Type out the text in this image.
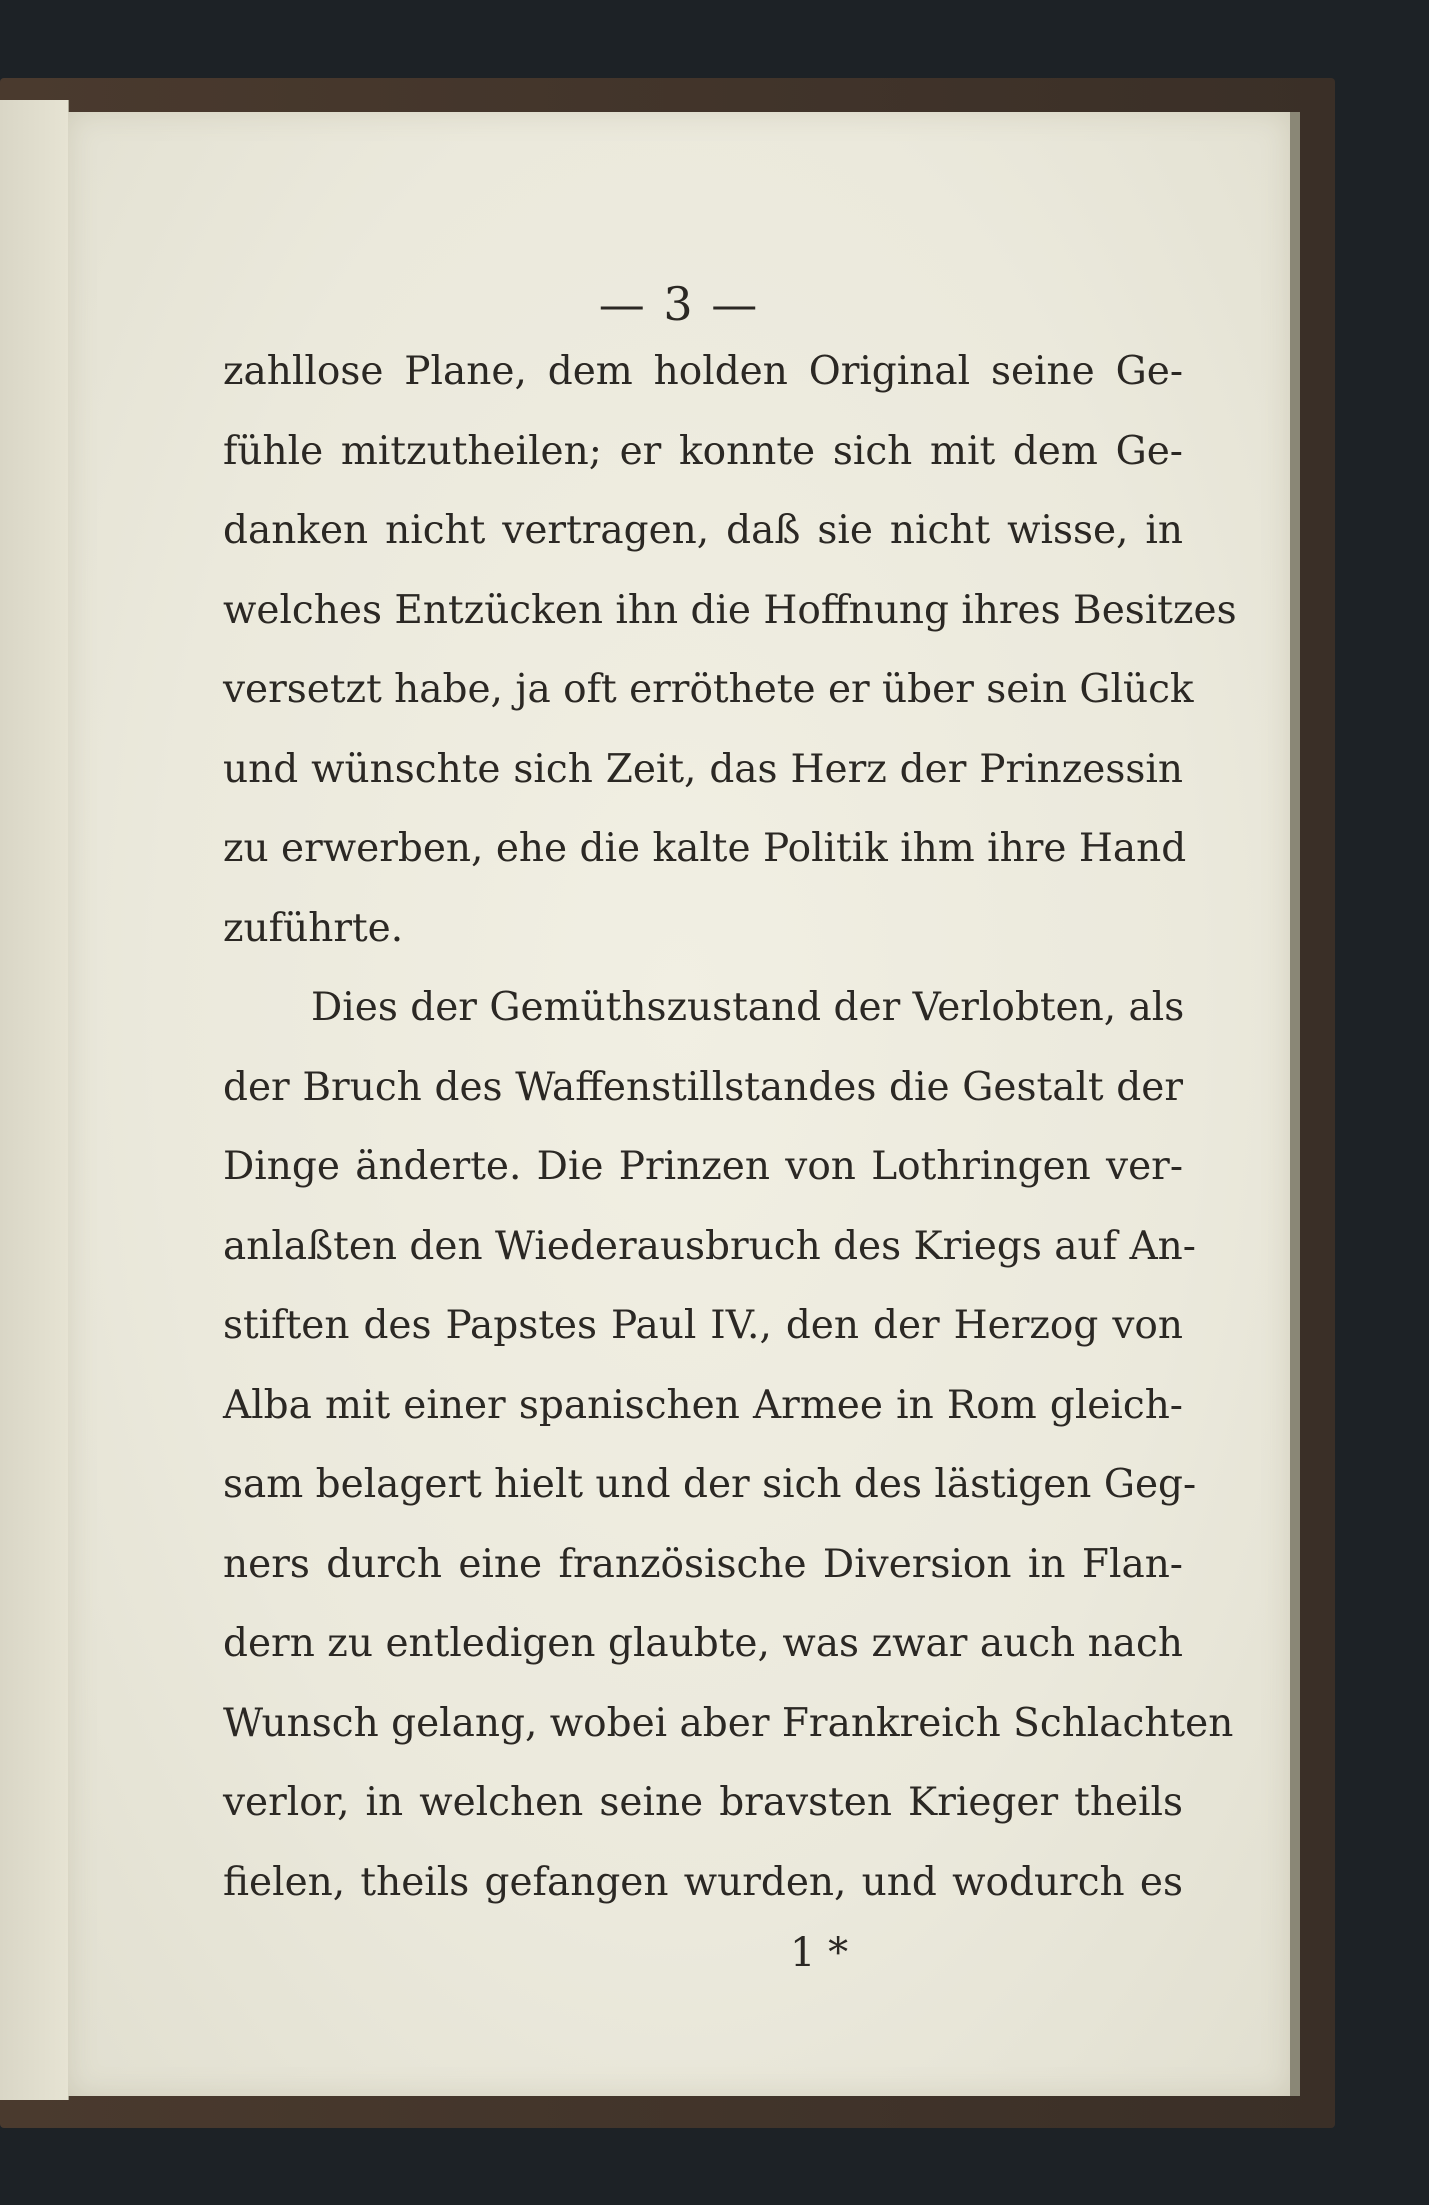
— 3 —
zahllose Plane, dem holden Original seine Ge-
fühle mitzutheilen; er konnte sich mit dem Ge-
danken nicht vertragen, daß sie nicht wisse, in
welches Entzücken ihn die Hoffnung ihres Besitzes
versetzt habe, ja oft erröthete er über sein Glück
und wünschte sich Zeit, das Herz der Prinzessin
zu erwerben, ehe die kalte Politik ihm ihre Hand
zuführte.
Dies der Gemüthszustand der Verlobten, als
der Bruch des Waffenstillstandes die Gestalt der
Dinge änderte. Die Prinzen von Lothringen ver-
anlaßten den Wiederausbruch des Kriegs auf An-
stiften des Papstes Paul IV., den der Herzog von
Alba mit einer spanischen Armee in Rom gleich-
sam belagert hielt und der sich des lästigen Geg-
ners durch eine französische Diversion in Flan-
dern zu entledigen glaubte, was zwar auch nach
Wunsch gelang, wobei aber Frankreich Schlachten
verlor, in welchen seine bravsten Krieger theils
fielen, theils gefangen wurden, und wodurch es
1 *
